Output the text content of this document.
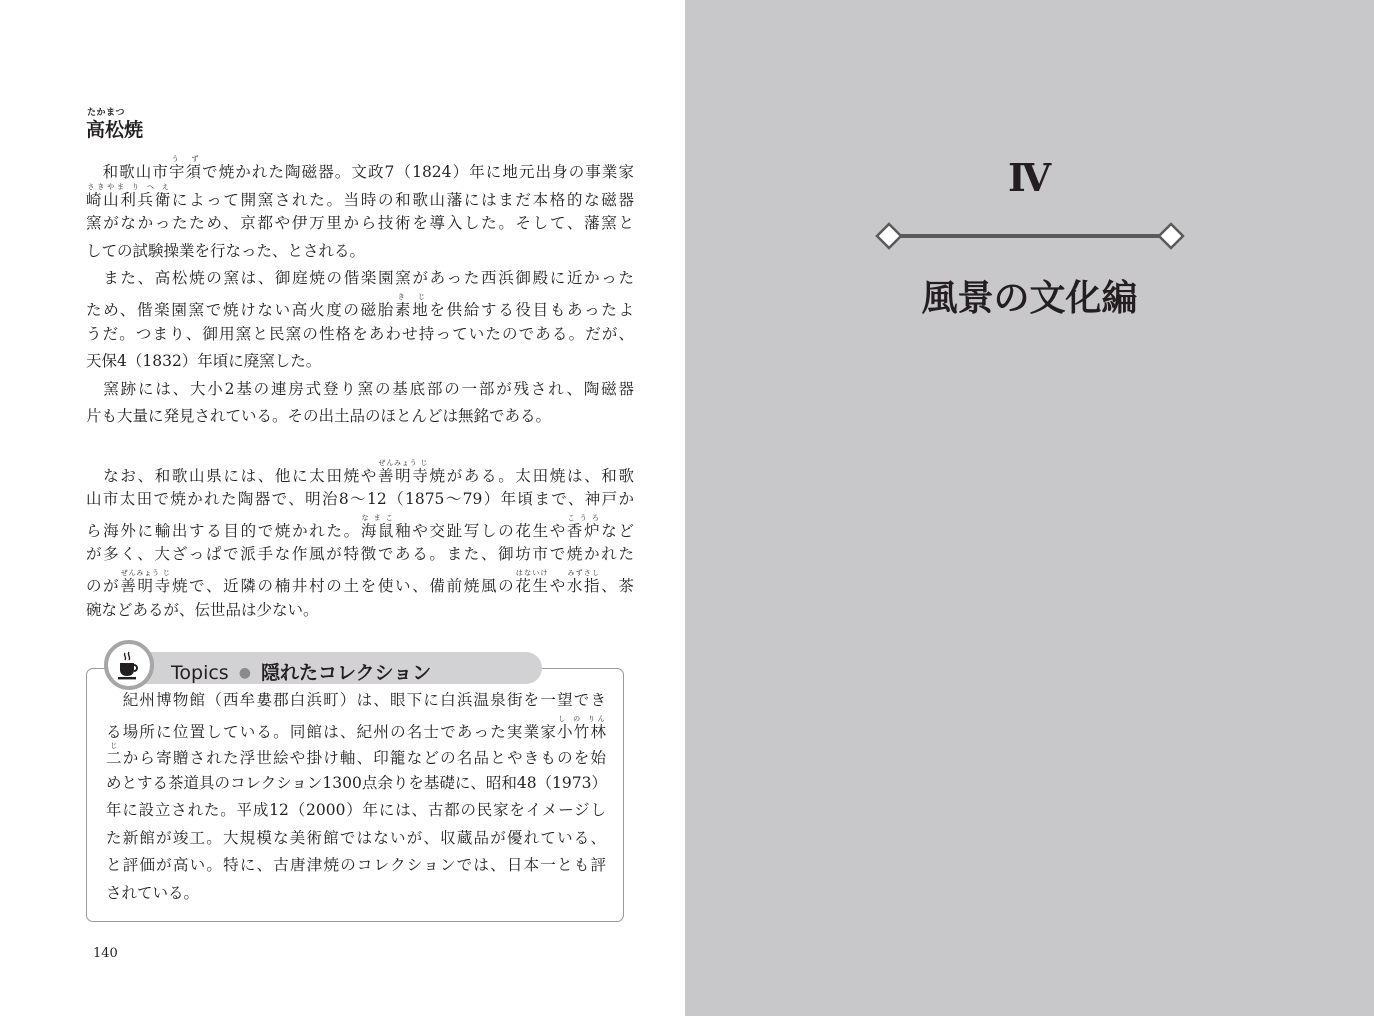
たかまつ
高松焼
　和歌山市宇須う ずで焼かれた陶磁器。文政7（1824）年に地元出身の事業家
崎山利兵衛さきやま り へ えによって開窯された。当時の和歌山藩にはまだ本格的な磁器
窯がなかったため、京都や伊万里から技術を導入した。そして、藩窯と
しての試験操業を行なった、とされる。
　また、高松焼の窯は、御庭焼の偕楽園窯があった西浜御殿に近かった
ため、偕楽園窯で焼けない高火度の磁胎素地き じを供給する役目もあったよ
うだ。つまり、御用窯と民窯の性格をあわせ持っていたのである。だが、
天保4（1832）年頃に廃窯した。
　窯跡には、大小2基の連房式登り窯の基底部の一部が残され、陶磁器
片も大量に発見されている。その出土品のほとんどは無銘である。
　なお、和歌山県には、他に太田焼や善明寺ぜんみょう じ焼がある。太田焼は、和歌
山市太田で焼かれた陶器で、明治8～12（1875～79）年頃まで、神戸か
ら海外に輸出する目的で焼かれた。海鼠な ま こ釉や交趾写しの花生や香炉こ う ろなど
が多く、大ざっぱで派手な作風が特徴である。また、御坊市で焼かれた
のが善明寺ぜんみょう じ焼で、近隣の楠井村の土を使い、備前焼風の花生はないけや水指みずさし、茶
碗などあるが、伝世品は少ない。
Topics ● 隠れたコレクション
　紀州博物館（西牟婁郡白浜町）は、眼下に白浜温泉街を一望でき
る場所に位置している。同館は、紀州の名士であった実業家小竹林し の りん
二じから寄贈された浮世絵や掛け軸、印籠などの名品とやきものを始
めとする茶道具のコレクション1300点余りを基礎に、昭和48（1973）
年に設立された。平成12（2000）年には、古都の民家をイメージし
た新館が竣工。大規模な美術館ではないが、収蔵品が優れている、
と評価が高い。特に、古唐津焼のコレクションでは、日本一とも評
されている。
140
Ⅳ
風景の文化編
